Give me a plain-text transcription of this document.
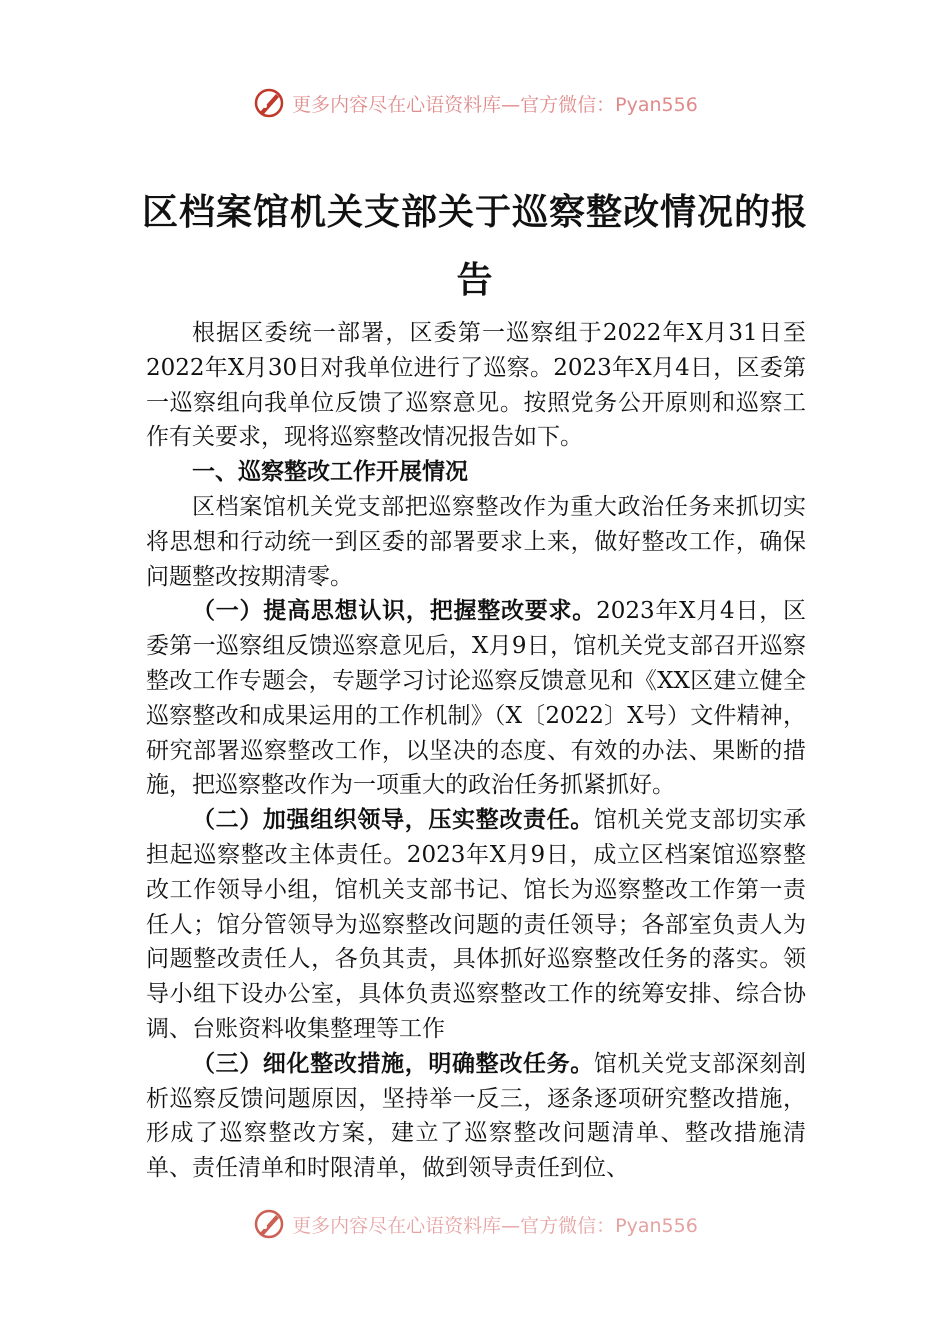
更多内容尽在心语资料库—官方微信：Pyan556
区档案馆机关支部关于巡察整改情况的报
告

根据区委统一部署，区委第一巡察组于2022年X月31日至2022年X月30日对我单位进行了巡察。2023年X月4日，区委第一巡察组向我单位反馈了巡察意见。按照党务公开原则和巡察工作有关要求，现将巡察整改情况报告如下。

一、巡察整改工作开展情况

区档案馆机关党支部把巡察整改作为重大政治任务来抓切实将思想和行动统一到区委的部署要求上来，做好整改工作，确保问题整改按期清零。

（一）提高思想认识，把握整改要求。2023年X月4日，区委第一巡察组反馈巡察意见后，X月9日，馆机关党支部召开巡察整改工作专题会，专题学习讨论巡察反馈意见和《XX区建立健全巡察整改和成果运用的工作机制》（X〔2022〕X号）文件精神，研究部署巡察整改工作，以坚决的态度、有效的办法、果断的措施，把巡察整改作为一项重大的政治任务抓紧抓好。

（二）加强组织领导，压实整改责任。馆机关党支部切实承担起巡察整改主体责任。2023年X月9日，成立区档案馆巡察整改工作领导小组，馆机关支部书记、馆长为巡察整改工作第一责任人；馆分管领导为巡察整改问题的责任领导；各部室负责人为问题整改责任人，各负其责，具体抓好巡察整改任务的落实。领导小组下设办公室，具体负责巡察整改工作的统筹安排、综合协调、台账资料收集整理等工作

（三）细化整改措施，明确整改任务。馆机关党支部深刻剖析巡察反馈问题原因，坚持举一反三，逐条逐项研究整改措施，形成了巡察整改方案，建立了巡察整改问题清单、整改措施清单、责任清单和时限清单，做到领导责任到位、

更多内容尽在心语资料库—官方微信：Pyan556
